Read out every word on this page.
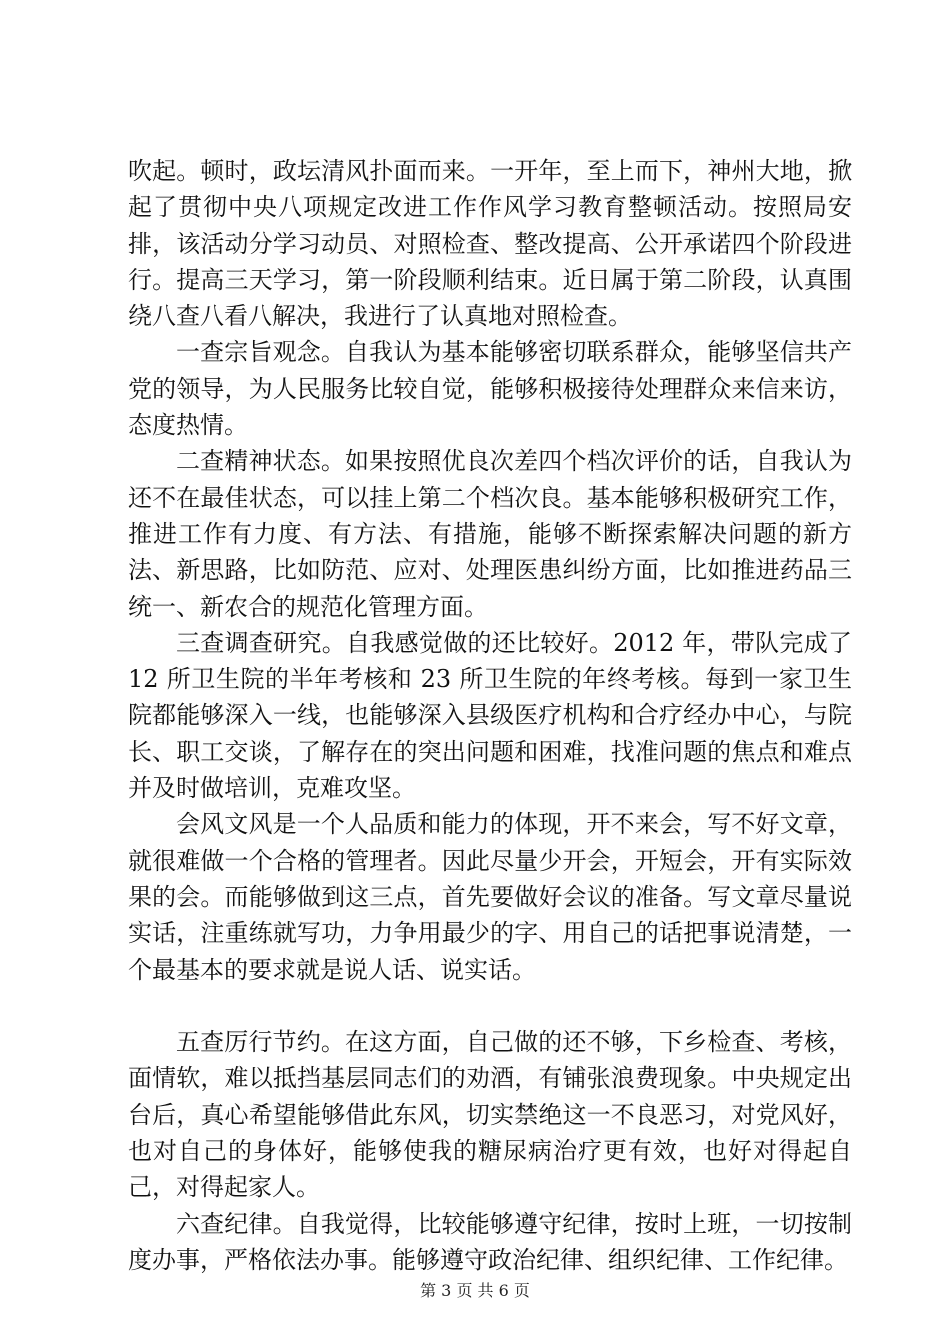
吹起。顿时，政坛清风扑面而来。一开年，至上而下，神州大地，掀起了贯彻中央八项规定改进工作作风学习教育整顿活动。按照局安排，该活动分学习动员、对照检查、整改提高、公开承诺四个阶段进行。提高三天学习，第一阶段顺利结束。近日属于第二阶段，认真围绕八查八看八解决，我进行了认真地对照检查。

一查宗旨观念。自我认为基本能够密切联系群众，能够坚信共产党的领导，为人民服务比较自觉，能够积极接待处理群众来信来访，态度热情。

二查精神状态。如果按照优良次差四个档次评价的话，自我认为还不在最佳状态，可以挂上第二个档次良。基本能够积极研究工作，推进工作有力度、有方法、有措施，能够不断探索解决问题的新方法、新思路，比如防范、应对、处理医患纠纷方面，比如推进药品三统一、新农合的规范化管理方面。

三查调查研究。自我感觉做的还比较好。2012 年，带队完成了 12 所卫生院的半年考核和 23 所卫生院的年终考核。每到一家卫生院都能够深入一线，也能够深入县级医疗机构和合疗经办中心，与院长、职工交谈，了解存在的突出问题和困难，找准问题的焦点和难点并及时做培训，克难攻坚。

会风文风是一个人品质和能力的体现，开不来会，写不好文章，就很难做一个合格的管理者。因此尽量少开会，开短会，开有实际效果的会。而能够做到这三点，首先要做好会议的准备。写文章尽量说实话，注重练就写功，力争用最少的字、用自己的话把事说清楚，一个最基本的要求就是说人话、说实话。

五查厉行节约。在这方面，自己做的还不够，下乡检查、考核，面情软，难以抵挡基层同志们的劝酒，有铺张浪费现象。中央规定出台后，真心希望能够借此东风，切实禁绝这一不良恶习，对党风好，也对自己的身体好，能够使我的糖尿病治疗更有效，也好对得起自己，对得起家人。

六查纪律。自我觉得，比较能够遵守纪律，按时上班，一切按制度办事，严格依法办事。能够遵守政治纪律、组织纪律、工作纪律。

第 3 页 共 6 页
